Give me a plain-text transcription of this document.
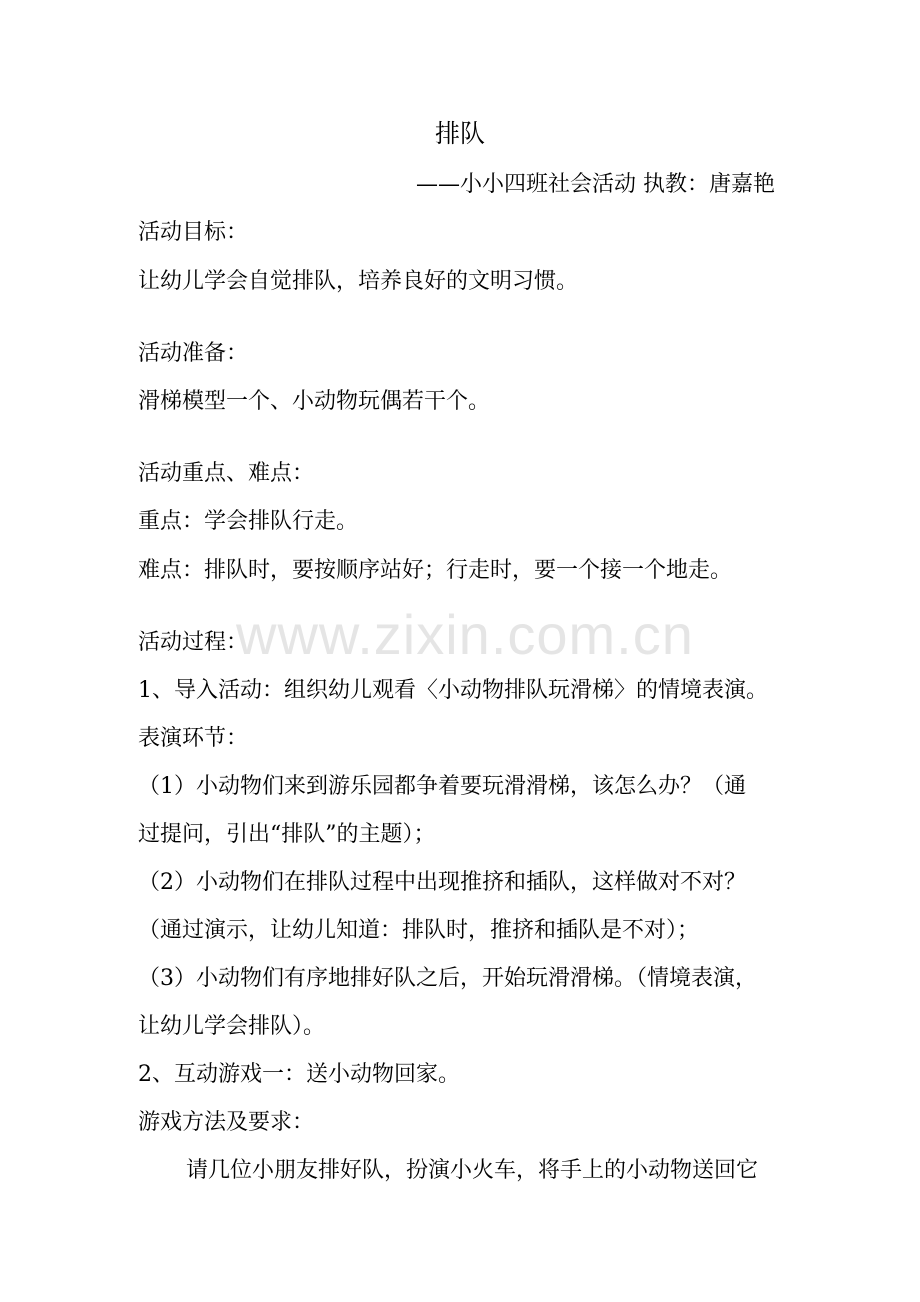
排队

——小小四班社会活动 执教：唐嘉艳

活动目标：

让幼儿学会自觉排队，培养良好的文明习惯。

活动准备：

滑梯模型一个、小动物玩偶若干个。

活动重点、难点：

重点：学会排队行走。

难点：排队时，要按顺序站好；行走时，要一个接一个地走。

活动过程：

1、导入活动：组织幼儿观看〈小动物排队玩滑梯〉的情境表演。

表演环节：

（1）小动物们来到游乐园都争着要玩滑滑梯，该怎么办？（通

过提问，引出“排队”的主题）；

（2）小动物们在排队过程中出现推挤和插队，这样做对不对？

（通过演示，让幼儿知道：排队时，推挤和插队是不对）；

（3）小动物们有序地排好队之后，开始玩滑滑梯。（情境表演，

让幼儿学会排队）。

2、互动游戏一：送小动物回家。

游戏方法及要求：

请几位小朋友排好队，扮演小火车，将手上的小动物送回它

www.zixin.com.cn
